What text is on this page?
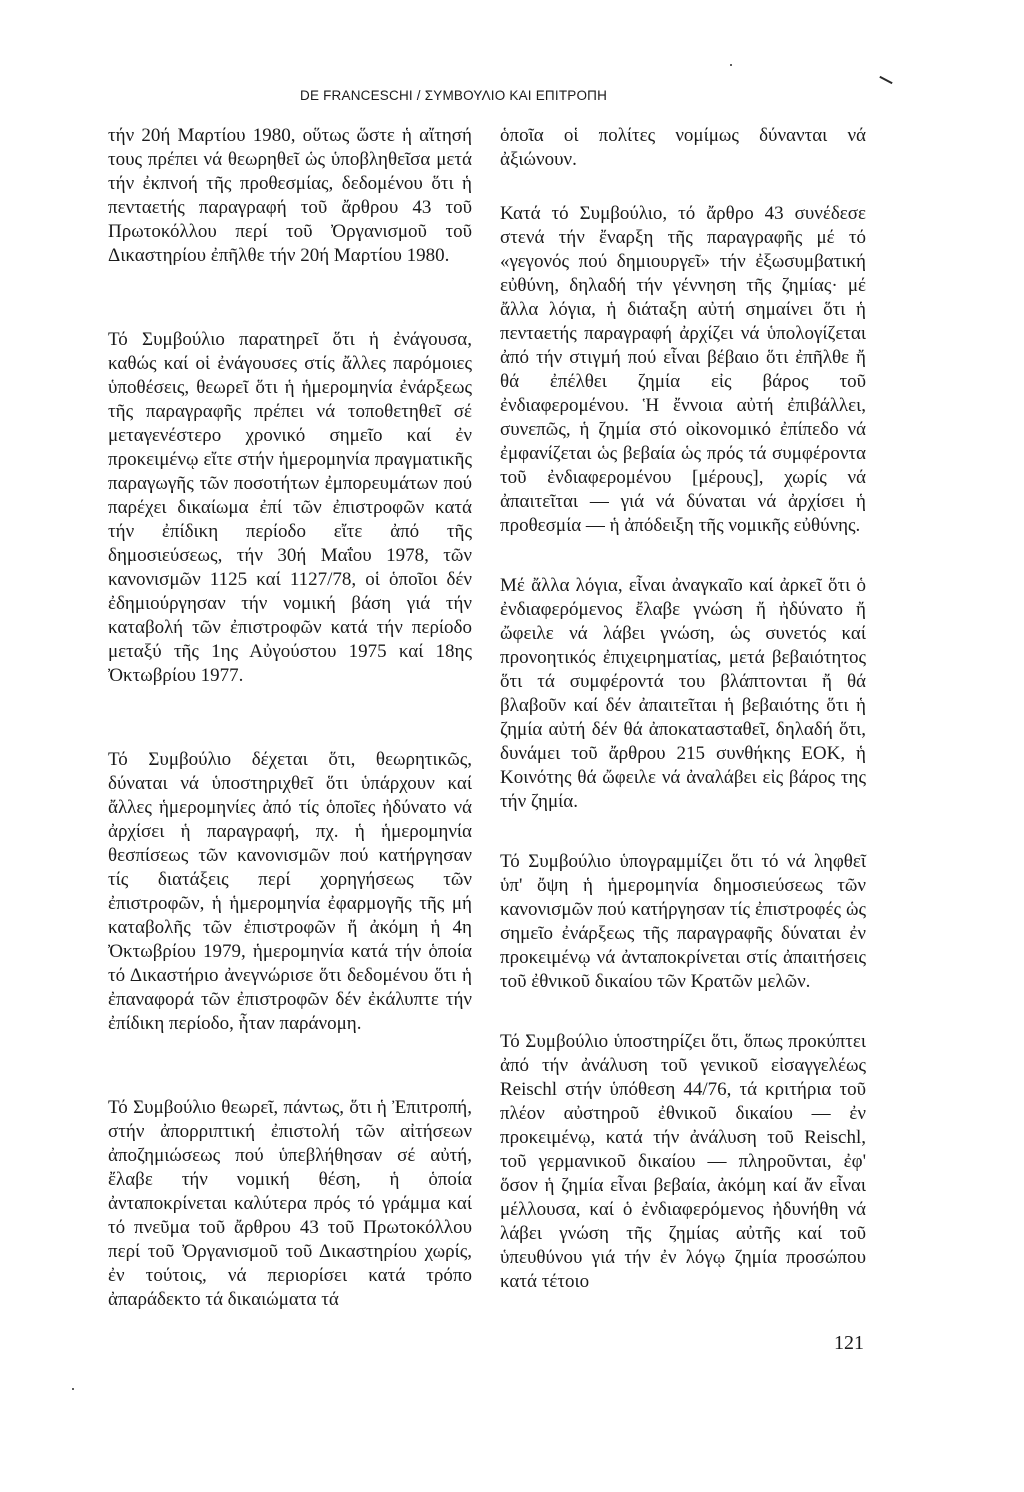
DE FRANCESCHI / ΣΥΜΒΟΥΛΙΟ ΚΑΙ ΕΠΙΤΡΟΠΗ

τήν 20ή Μαρτίου 1980, οὕτως ὥστε ἡ αἴτησή τους πρέπει νά θεωρηθεῖ ὡς ὑποβληθεῖσα μετά τήν ἐκπνοή τῆς προθεσμίας, δεδομένου ὅτι ἡ πενταετής παραγραφή τοῦ ἄρθρου 43 τοῦ Πρωτοκόλλου περί τοῦ Ὀργανισμοῦ τοῦ Δικαστηρίου ἐπῆλθε τήν 20ή Μαρτίου 1980.

Τό Συμβούλιο παρατηρεῖ ὅτι ἡ ἐνάγουσα, καθώς καί οἱ ἐνάγουσες στίς ἄλλες παρόμοιες ὑποθέσεις, θεωρεῖ ὅτι ἡ ἡμερομηνία ἐνάρξεως τῆς παραγραφῆς πρέπει νά τοποθετηθεῖ σέ μεταγενέστερο χρονικό σημεῖο καί ἐν προκειμένῳ εἴτε στήν ἡμερομηνία πραγματικῆς παραγωγῆς τῶν ποσοτήτων ἐμπορευμάτων πού παρέχει δικαίωμα ἐπί τῶν ἐπιστροφῶν κατά τήν ἐπίδικη περίοδο εἴτε ἀπό τῆς δημοσιεύσεως, τήν 30ή Μαΐου 1978, τῶν κανονισμῶν 1125 καί 1127/78, οἱ ὁποῖοι δέν ἐδημιούργησαν τήν νομική βάση γιά τήν καταβολή τῶν ἐπιστροφῶν κατά τήν περίοδο μεταξύ τῆς 1ης Αὐγούστου 1975 καί 18ης Ὀκτωβρίου 1977.

Τό Συμβούλιο δέχεται ὅτι, θεωρητικῶς, δύναται νά ὑποστηριχθεῖ ὅτι ὑπάρχουν καί ἄλλες ἡμερομηνίες ἀπό τίς ὁποῖες ἠδύνατο νά ἀρχίσει ἡ παραγραφή, πχ. ἡ ἡμερομηνία θεσπίσεως τῶν κανονισμῶν πού κατήργησαν τίς διατάξεις περί χορηγήσεως τῶν ἐπιστροφῶν, ἡ ἡμερομηνία ἐφαρμογῆς τῆς μή καταβολῆς τῶν ἐπιστροφῶν ἤ ἀκόμη ἡ 4η Ὀκτωβρίου 1979, ἡμερομηνία κατά τήν ὁποία τό Δικαστήριο ἀνεγνώρισε ὅτι δεδομένου ὅτι ἡ ἐπαναφορά τῶν ἐπιστροφῶν δέν ἐκάλυπτε τήν ἐπίδικη περίοδο, ἦταν παράνομη.

Τό Συμβούλιο θεωρεῖ, πάντως, ὅτι ἡ Ἐπιτροπή, στήν ἀπορριπτική ἐπιστολή τῶν αἰτήσεων ἀποζημιώσεως πού ὑπεβλήθησαν σέ αὐτή, ἔλαβε τήν νομική θέση, ἡ ὁποία ἀνταποκρίνεται καλύτερα πρός τό γράμμα καί τό πνεῦμα τοῦ ἄρθρου 43 τοῦ Πρωτοκόλλου περί τοῦ Ὀργανισμοῦ τοῦ Δικαστηρίου χωρίς, ἐν τούτοις, νά περιορίσει κατά τρόπο ἀπαράδεκτο τά δικαιώματα τά

ὁποῖα οἱ πολίτες νομίμως δύνανται νά ἀξιώνουν.

Κατά τό Συμβούλιο, τό ἄρθρο 43 συνέδεσε στενά τήν ἔναρξη τῆς παραγραφῆς μέ τό «γεγονός πού δημιουργεῖ» τήν ἐξωσυμβατική εὐθύνη, δηλαδή τήν γέννηση τῆς ζημίας· μέ ἄλλα λόγια, ἡ διάταξη αὐτή σημαίνει ὅτι ἡ πενταετής παραγραφή ἀρχίζει νά ὑπολογίζεται ἀπό τήν στιγμή πού εἶναι βέβαιο ὅτι ἐπῆλθε ἤ θά ἐπέλθει ζημία εἰς βάρος τοῦ ἐνδιαφερομένου. Ἡ ἔννοια αὐτή ἐπιβάλλει, συνεπῶς, ἡ ζημία στό οἰκονομικό ἐπίπεδο νά ἐμφανίζεται ὡς βεβαία ὡς πρός τά συμφέροντα τοῦ ἐνδιαφερομένου [μέρους], χωρίς νά ἀπαιτεῖται — γιά νά δύναται νά ἀρχίσει ἡ προθεσμία — ἡ ἀπόδειξη τῆς νομικῆς εὐθύνης.

Μέ ἄλλα λόγια, εἶναι ἀναγκαῖο καί ἀρκεῖ ὅτι ὁ ἐνδιαφερόμενος ἔλαβε γνώση ἤ ἠδύνατο ἤ ὤφειλε νά λάβει γνώση, ὡς συνετός καί προνοητικός ἐπιχειρηματίας, μετά βεβαιότητος ὅτι τά συμφέροντά του βλάπτονται ἤ θά βλαβοῦν καί δέν ἀπαιτεῖται ἡ βεβαιότης ὅτι ἡ ζημία αὐτή δέν θά ἀποκατασταθεῖ, δηλαδή ὅτι, δυνάμει τοῦ ἄρθρου 215 συνθήκης ΕΟΚ, ἡ Κοινότης θά ὤφειλε νά ἀναλάβει εἰς βάρος της τήν ζημία.

Τό Συμβούλιο ὑπογραμμίζει ὅτι τό νά ληφθεῖ ὑπ' ὄψη ἡ ἡμερομηνία δημοσιεύσεως τῶν κανονισμῶν πού κατήργησαν τίς ἐπιστροφές ὡς σημεῖο ἐνάρξεως τῆς παραγραφῆς δύναται ἐν προκειμένῳ νά ἀνταποκρίνεται στίς ἀπαιτήσεις τοῦ ἐθνικοῦ δικαίου τῶν Κρατῶν μελῶν.

Τό Συμβούλιο ὑποστηρίζει ὅτι, ὅπως προκύπτει ἀπό τήν ἀνάλυση τοῦ γενικοῦ εἰσαγγελέως Reischl στήν ὑπόθεση 44/76, τά κριτήρια τοῦ πλέον αὐστηροῦ ἐθνικοῦ δικαίου — ἐν προκειμένῳ, κατά τήν ἀνάλυση τοῦ Reischl, τοῦ γερμανικοῦ δικαίου — πληροῦνται, ἐφ' ὅσον ἡ ζημία εἶναι βεβαία, ἀκόμη καί ἄν εἶναι μέλλουσα, καί ὁ ἐνδιαφερόμενος ἠδυνήθη νά λάβει γνώση τῆς ζημίας αὐτῆς καί τοῦ ὑπευθύνου γιά τήν ἐν λόγῳ ζημία προσώπου κατά τέτοιο

121
